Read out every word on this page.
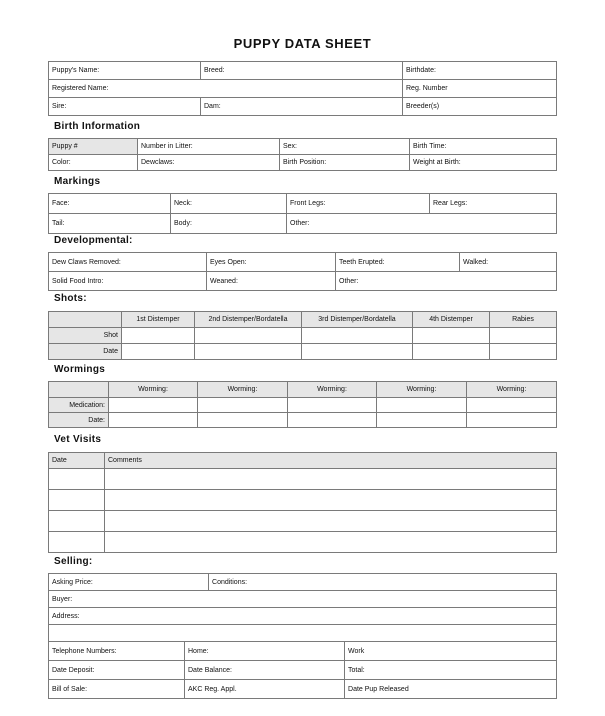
PUPPY DATA SHEET
Puppy's Name:	Breed:	Birthdate:
Registered Name:		Reg. Number
Sire:	Dam:	Breeder(s)
Birth Information
Puppy #	Number in Litter:	Sex:	Birth Time:
Color:	Dewclaws:	Birth Position:	Weight at Birth:
Markings
Face:	Neck:	Front Legs:	Rear Legs:
Tail:	Body:	Other:	
Developmental:
Dew Claws Removed:	Eyes Open:	Teeth Erupted:	Walked:
Solid Food Intro:	Weaned:	Other:	
Shots:
	1st Distemper	2nd Distemper/Bordatella	3rd Distemper/Bordatella	4th Distemper	Rabies
Shot					
Date					
Wormings
	Worming:	Worming:	Worming:	Worming:	Worming:
Medication:					
Date:					
Vet Visits
Date	Comments

Selling:
Asking Price:		Conditions:	
Buyer:			
Address:			

Telephone Numbers:	Home:		Work
Date Deposit:	Date Balance:		Total:
Bill of Sale:	AKC Reg. Appl.		Date Pup Released
